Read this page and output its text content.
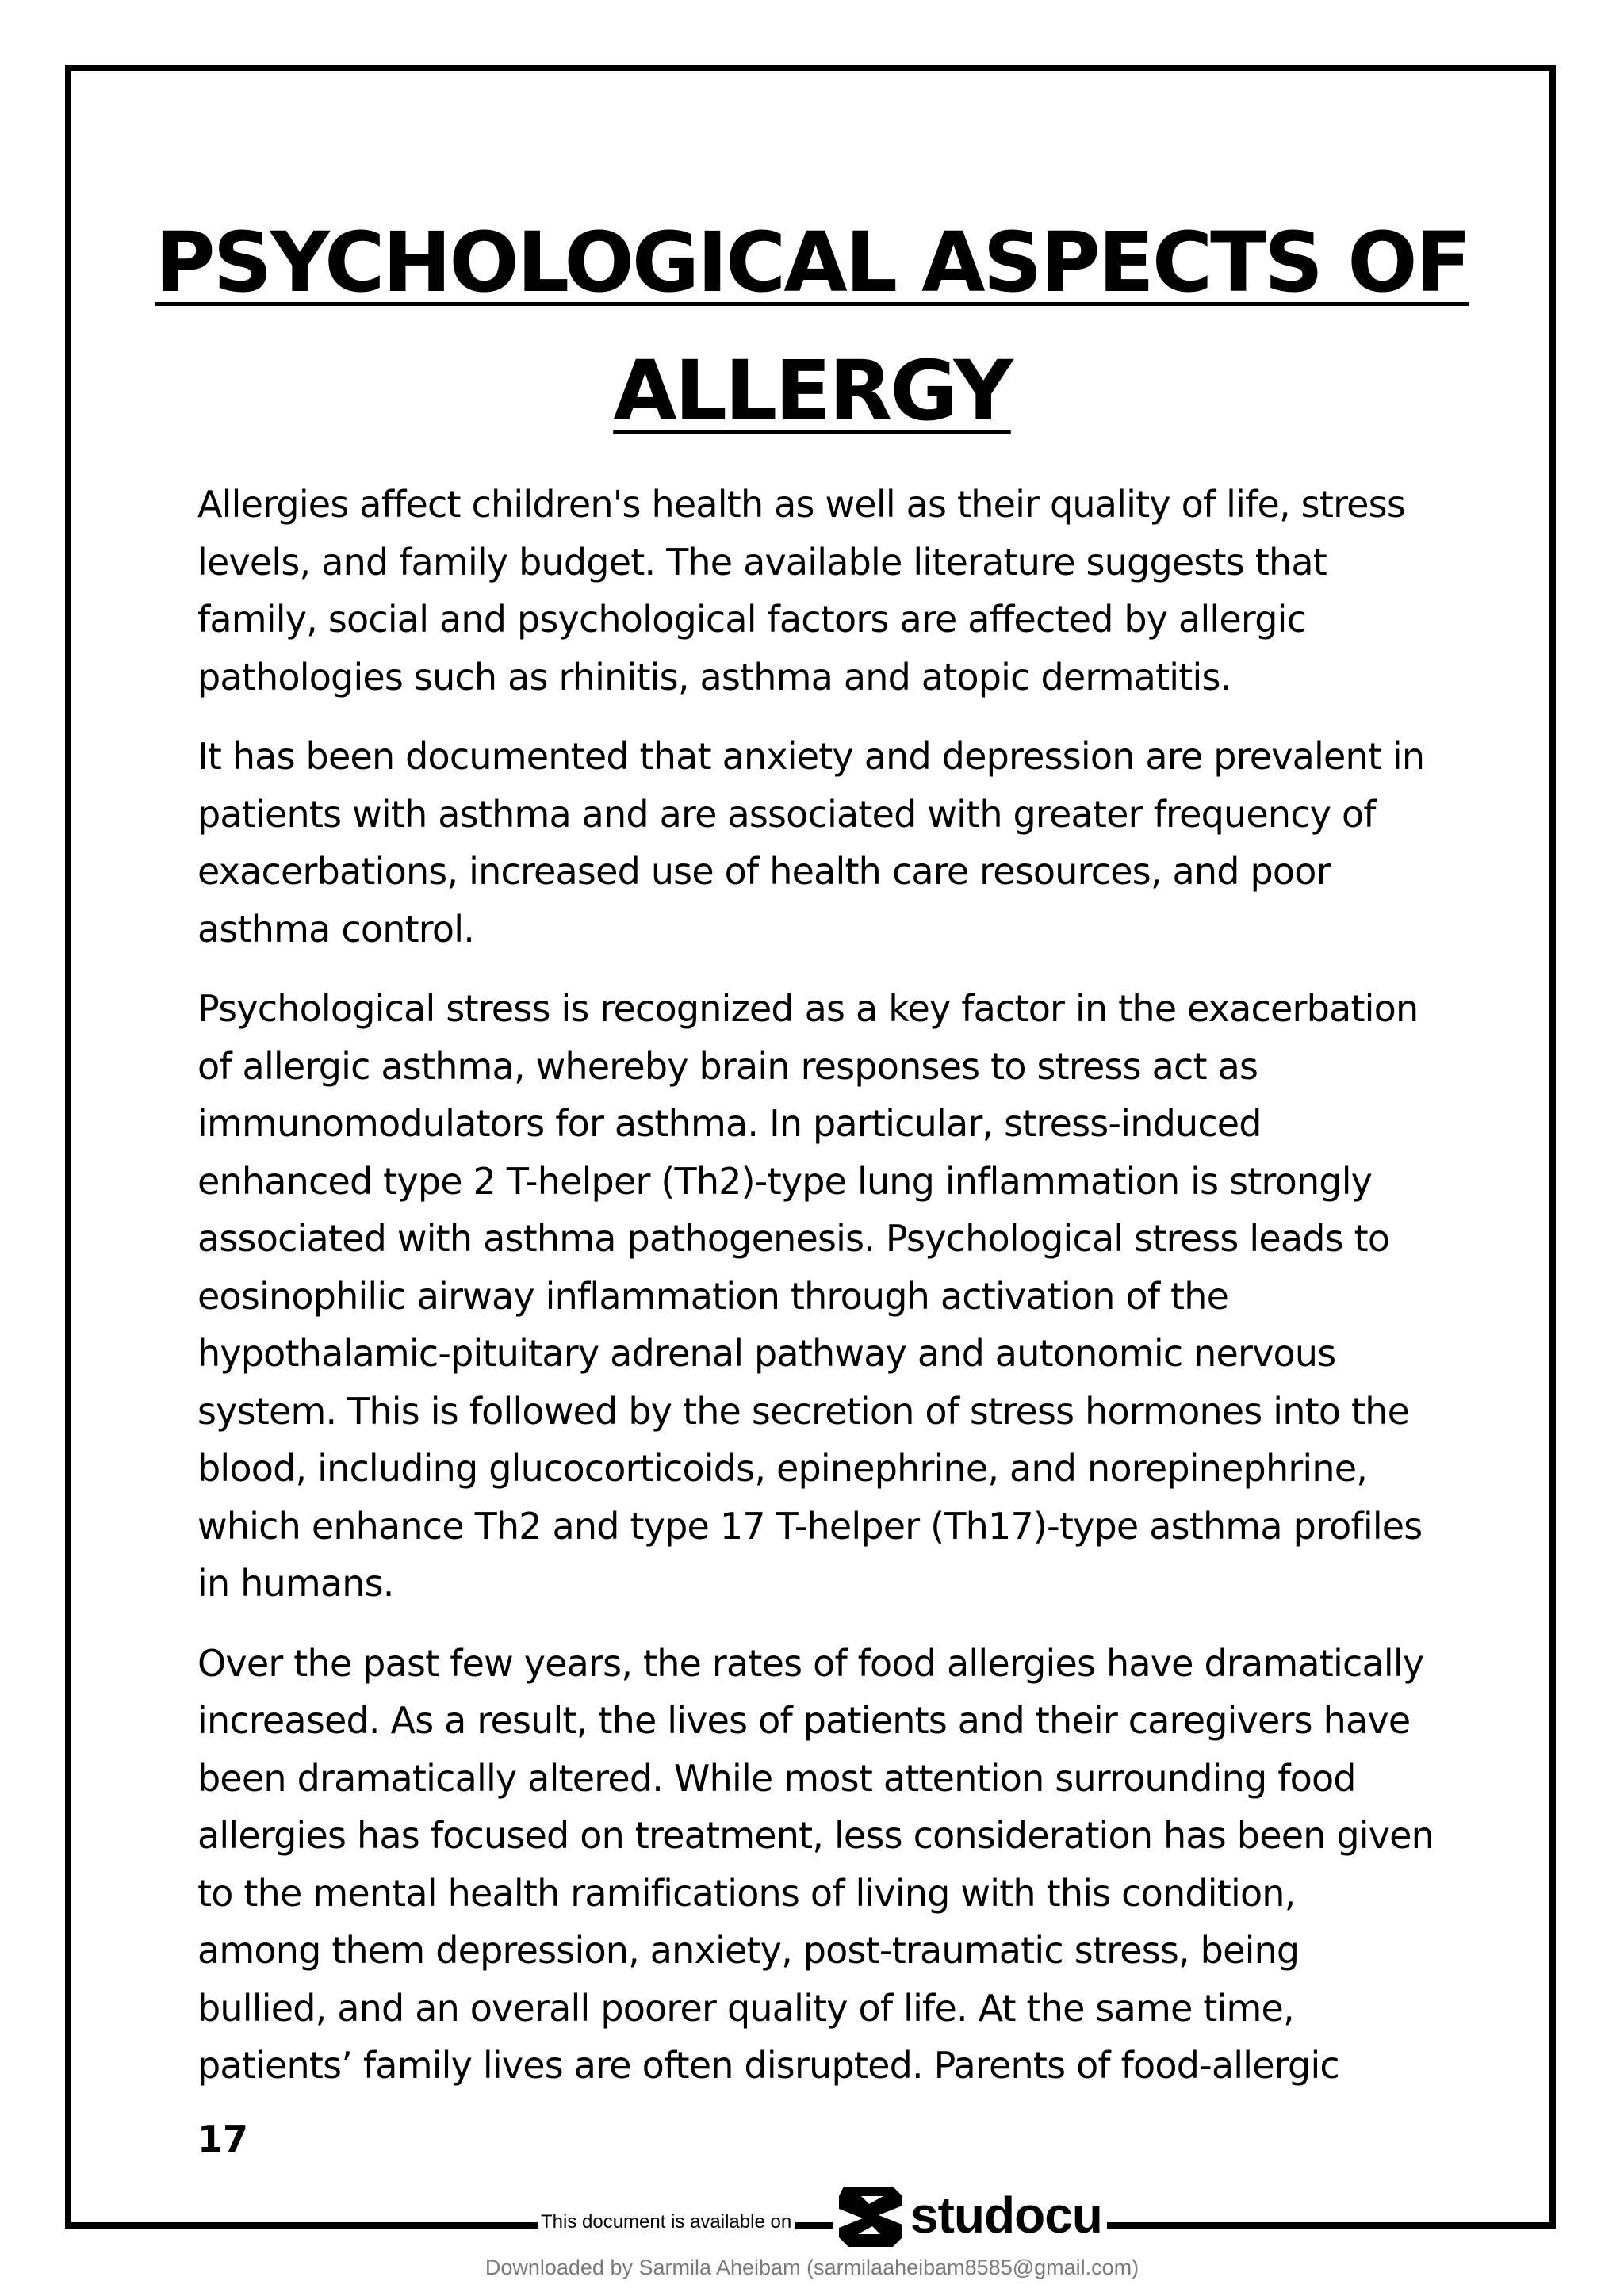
PSYCHOLOGICAL ASPECTS OF
ALLERGY

Allergies affect children's health as well as their quality of life, stress
levels, and family budget. The available literature suggests that
family, social and psychological factors are affected by allergic
pathologies such as rhinitis, asthma and atopic dermatitis.

It has been documented that anxiety and depression are prevalent in
patients with asthma and are associated with greater frequency of
exacerbations, increased use of health care resources, and poor
asthma control.

Psychological stress is recognized as a key factor in the exacerbation
of allergic asthma, whereby brain responses to stress act as
immunomodulators for asthma. In particular, stress-induced
enhanced type 2 T-helper (Th2)-type lung inflammation is strongly
associated with asthma pathogenesis. Psychological stress leads to
eosinophilic airway inflammation through activation of the
hypothalamic-pituitary adrenal pathway and autonomic nervous
system. This is followed by the secretion of stress hormones into the
blood, including glucocorticoids, epinephrine, and norepinephrine,
which enhance Th2 and type 17 T-helper (Th17)-type asthma profiles
in humans.

Over the past few years, the rates of food allergies have dramatically
increased. As a result, the lives of patients and their caregivers have
been dramatically altered. While most attention surrounding food
allergies has focused on treatment, less consideration has been given
to the mental health ramifications of living with this condition,
among them depression, anxiety, post-traumatic stress, being
bullied, and an overall poorer quality of life. At the same time,
patients’ family lives are often disrupted. Parents of food-allergic

17
This document is available on studocu
Downloaded by Sarmila Aheibam (sarmilaaheibam8585@gmail.com)
